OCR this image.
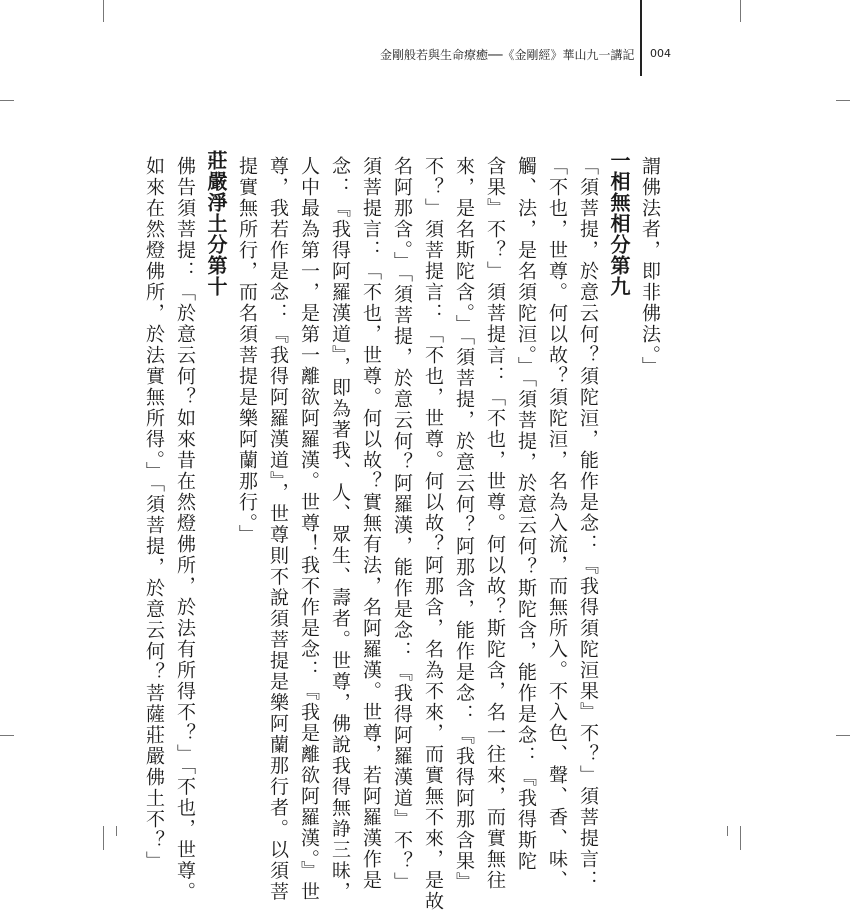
金剛般若與生命療癒──《金剛經》華山九一講記 004
謂佛法者，即非佛法。」
一相無相分第九
「須菩提，於意云何？須陀洹，能作是念：『我得須陀洹果』不？」須菩提言：
「不也，世尊。何以故？須陀洹，名為入流，而無所入。不入色、聲、香、味、
觸、法，是名須陀洹。」「須菩提，於意云何？斯陀含，能作是念：『我得斯陀
含果』不？」須菩提言：「不也，世尊。何以故？斯陀含，名一往來，而實無往
來，是名斯陀含。」「須菩提，於意云何？阿那含，能作是念：『我得阿那含果』
不？」須菩提言：「不也，世尊。何以故？阿那含，名為不來，而實無不來，是故
名阿那含。」「須菩提，於意云何？阿羅漢，能作是念：『我得阿羅漢道』不？」
須菩提言：「不也，世尊。何以故？實無有法，名阿羅漢。世尊，若阿羅漢作是
念：『我得阿羅漢道』，即為著我、人、眾生、壽者。世尊，佛說我得無諍三昧，
人中最為第一，是第一離欲阿羅漢。世尊！我不作是念：『我是離欲阿羅漢。』世
尊，我若作是念：『我得阿羅漢道』，世尊則不說須菩提是樂阿蘭那行者。以須菩
提實無所行，而名須菩提是樂阿蘭那行。」
莊嚴淨土分第十
佛告須菩提：「於意云何？如來昔在然燈佛所，於法有所得不？」「不也，世尊。
如來在然燈佛所，於法實無所得。」「須菩提，於意云何？菩薩莊嚴佛土不？」
